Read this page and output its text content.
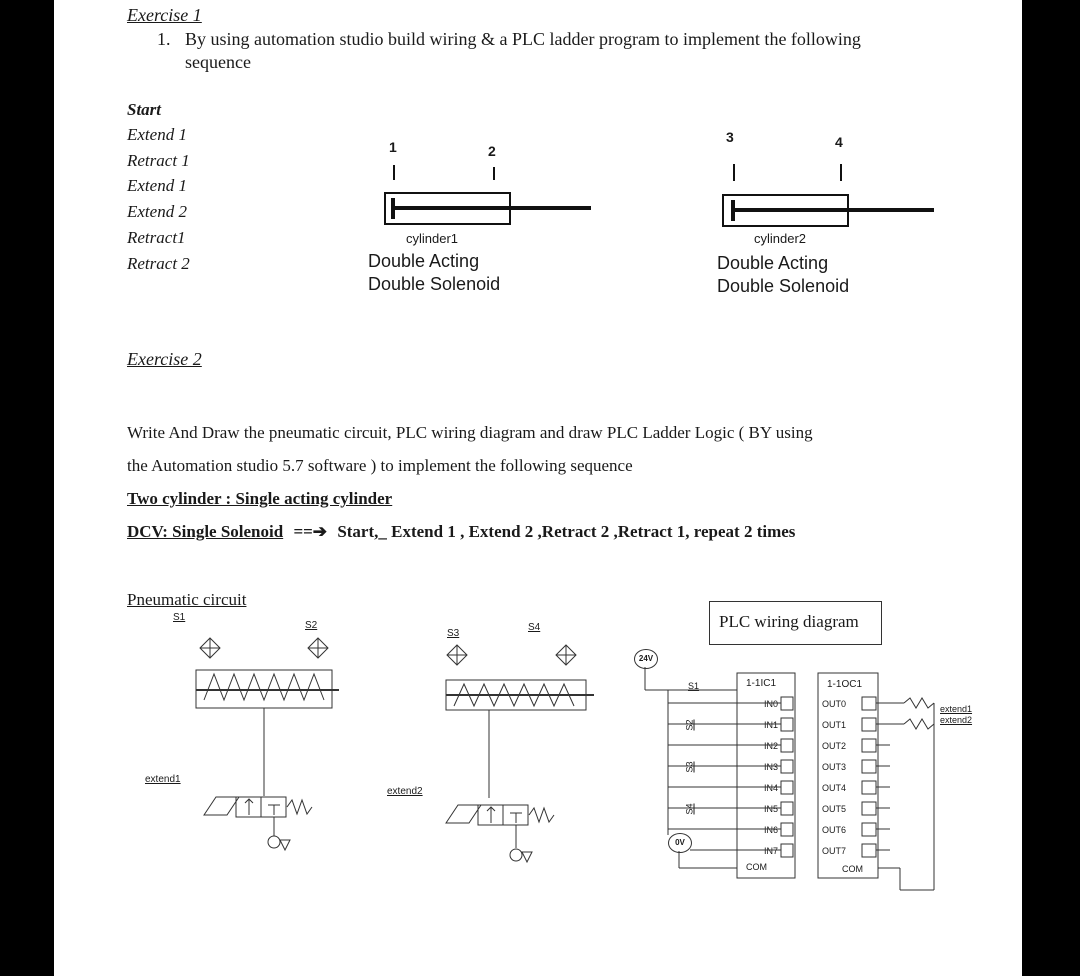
Exercise 1
1. By using automation studio build wiring & a PLC ladder program to implement the following
sequence
Start
Extend 1
Retract 1
Extend 1
Extend 2
Retract1
Retract 2
1	2
cylinder1
Double Acting
Double Solenoid
3	4
cylinder2
Double Acting
Double Solenoid
Exercise 2
Write And Draw the pneumatic circuit, PLC wiring diagram and draw PLC Ladder Logic ( BY using
the Automation studio 5.7 software ) to implement the following sequence
Two cylinder : Single acting cylinder
DCV: Single Solenoid ==➔ Start,_ Extend 1 , Extend 2 ,Retract 2 ,Retract 1, repeat 2 times
Pneumatic circuit
S1
S2
S3
S4
extend1
extend2
PLC wiring diagram
24V
0V
1-1IC1	1-1OC1
IN0
IN1
IN2
IN3
IN4
IN5
IN6
IN7
COM
OUT0
OUT1
OUT2
OUT3
OUT4
OUT5
OUT6
OUT7
COM
S1
S2
S3
S4
extend1
extend2
